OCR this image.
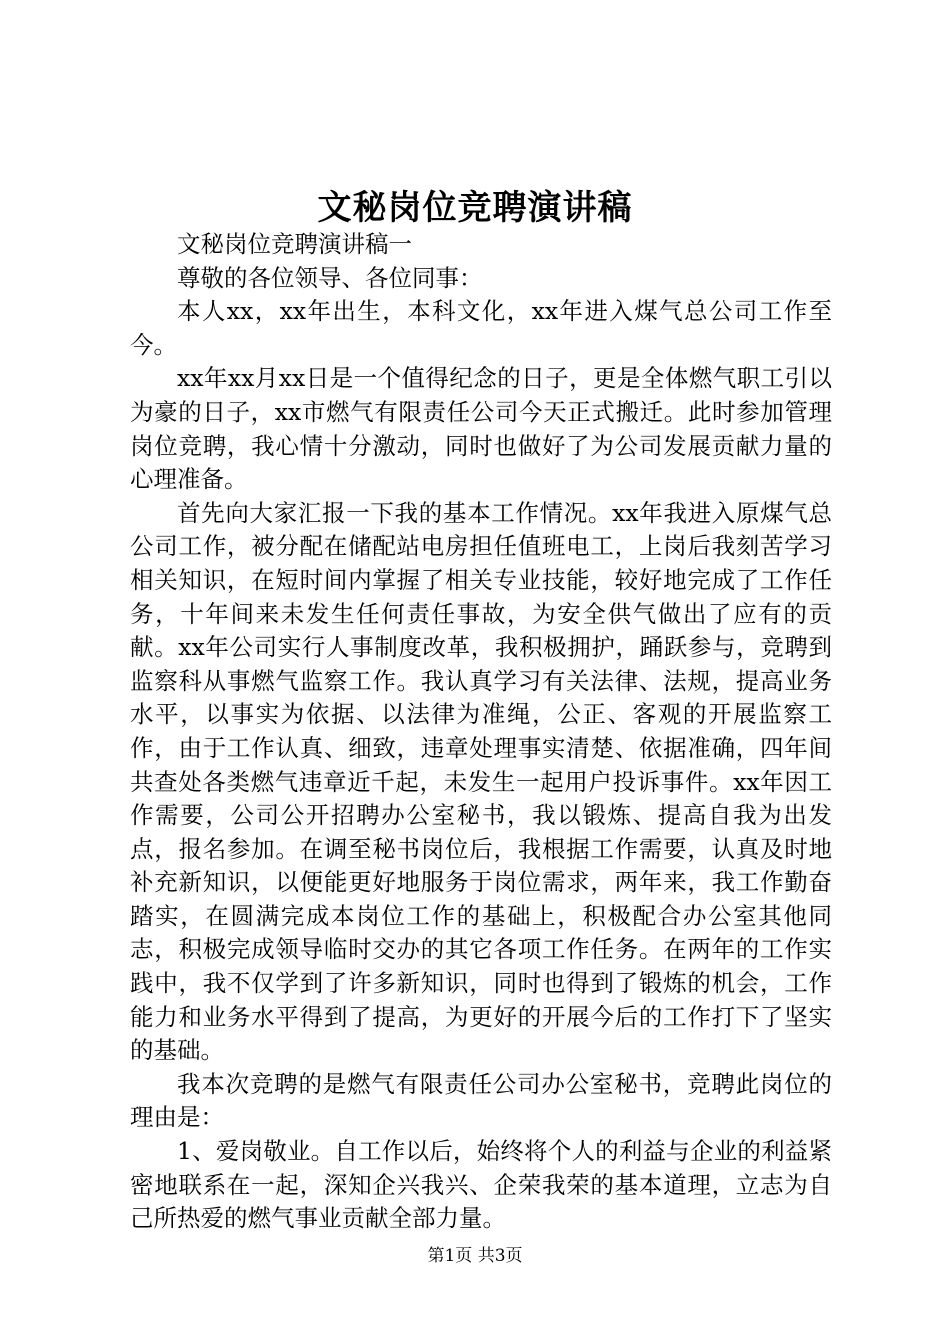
文秘岗位竞聘演讲稿

文秘岗位竞聘演讲稿一

尊敬的各位领导、各位同事：

本人xx，xx年出生，本科文化，xx年进入煤气总公司工作至今。

xx年xx月xx日是一个值得纪念的日子，更是全体燃气职工引以为豪的日子，xx市燃气有限责任公司今天正式搬迁。此时参加管理岗位竞聘，我心情十分激动，同时也做好了为公司发展贡献力量的心理准备。

首先向大家汇报一下我的基本工作情况。xx年我进入原煤气总公司工作，被分配在储配站电房担任值班电工，上岗后我刻苦学习相关知识，在短时间内掌握了相关专业技能，较好地完成了工作任务，十年间来未发生任何责任事故，为安全供气做出了应有的贡献。xx年公司实行人事制度改革，我积极拥护，踊跃参与，竞聘到监察科从事燃气监察工作。我认真学习有关法律、法规，提高业务水平，以事实为依据、以法律为准绳，公正、客观的开展监察工作，由于工作认真、细致，违章处理事实清楚、依据准确，四年间共查处各类燃气违章近千起，未发生一起用户投诉事件。xx年因工作需要，公司公开招聘办公室秘书，我以锻炼、提高自我为出发点，报名参加。在调至秘书岗位后，我根据工作需要，认真及时地补充新知识，以便能更好地服务于岗位需求，两年来，我工作勤奋踏实，在圆满完成本岗位工作的基础上，积极配合办公室其他同志，积极完成领导临时交办的其它各项工作任务。在两年的工作实践中，我不仅学到了许多新知识，同时也得到了锻炼的机会，工作能力和业务水平得到了提高，为更好的开展今后的工作打下了坚实的基础。

我本次竞聘的是燃气有限责任公司办公室秘书，竞聘此岗位的理由是：

1、爱岗敬业。自工作以后，始终将个人的利益与企业的利益紧密地联系在一起，深知企兴我兴、企荣我荣的基本道理，立志为自己所热爱的燃气事业贡献全部力量。

第1页 共3页
